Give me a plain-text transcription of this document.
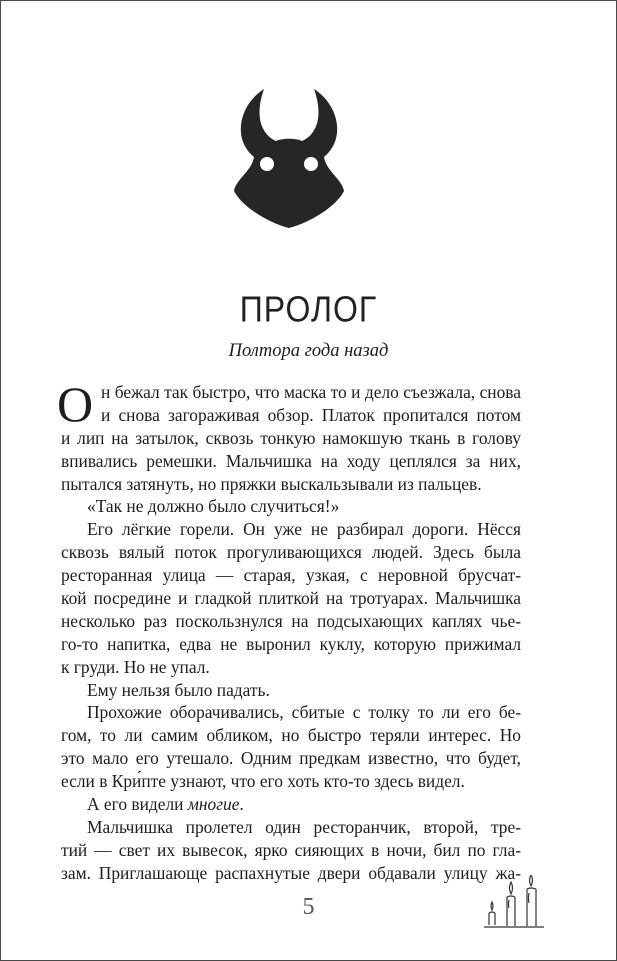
ПРОЛОГ
Полтора года назад
О н бежал так быстро, что маска то и дело съезжала, снова
и снова загораживая обзор. Платок пропитался потом
и лип на затылок, сквозь тонкую намокшую ткань в голову
впивались ремешки. Мальчишка на ходу цеплялся за них,
пытался затянуть, но пряжки выскальзывали из пальцев.
«Так не должно было случиться!»
Его лёгкие горели. Он уже не разбирал дороги. Нёсся
сквозь вялый поток прогуливающихся людей. Здесь была
ресторанная улица — старая, узкая, с неровной брусчат-
кой посредине и гладкой плиткой на тротуарах. Мальчишка
несколько раз поскользнулся на подсыхающих каплях чье-
го-то напитка, едва не выронил куклу, которую прижимал
к груди. Но не упал.
Ему нельзя было падать.
Прохожие оборачивались, сбитые с толку то ли его бе-
гом, то ли самим обликом, но быстро теряли интерес. Но
это мало его утешало. Одним предкам известно, что будет,
если в Кри́пте узнают, что его хоть кто-то здесь видел.
А его видели многие.
Мальчишка пролетел один ресторанчик, второй, тре-
тий — свет их вывесок, ярко сияющих в ночи, бил по гла-
зам. Приглашающе распахнутые двери обдавали улицу жа-
5
